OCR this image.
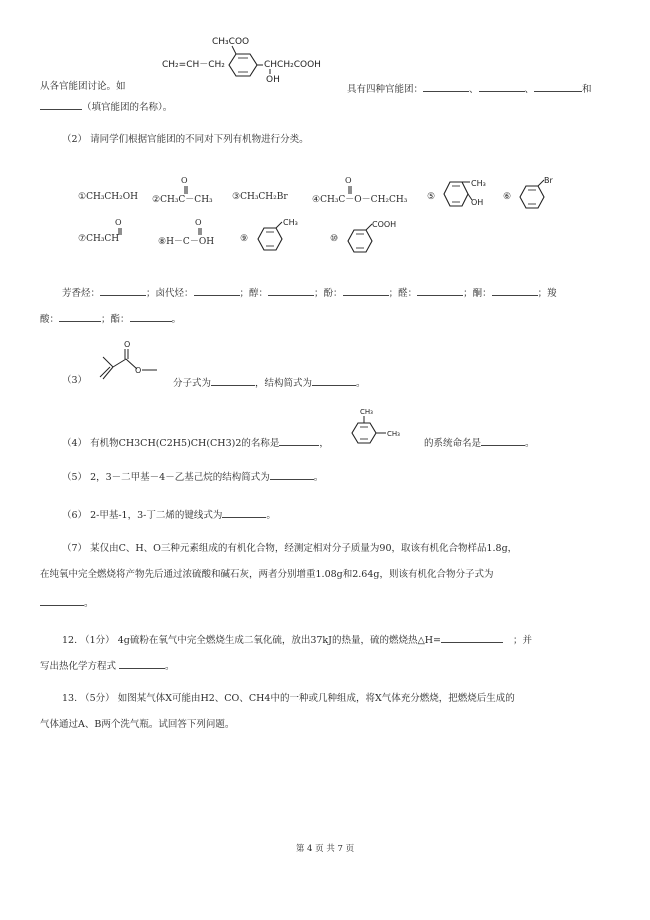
CH₃COO
CH₂=CH－CH₂	CHCH₂COOH
OH
从各官能团讨论。如	具有四种官能团：	、	、	和
（填官能团的名称）。
（2） 请同学们根据官能团的不同对下列有机物进行分类。
①CH₃CH₂OH ②CH₃C－CH₃
O
③CH₃CH₂Br	④CH₃C－O－CH₂CH₃
O
⑤
CH₃
OH
⑥
Br
⑦CH₃CH
O
⑧H－C－OH
O
⑨
CH₃
⑩
COOH
芳香烃：	；卤代烃：	；醇：	；酚：	；醛：	；酮：	；羧
酸：	；酯：	。
（3）
O
O
分子式为	，结构简式为	。
（4） 有机物CH3CH(C2H5)CH(CH3)2的名称是	，
CH₃
CH₃
的系统命名是	。
（5） 2，3－二甲基－4－乙基己烷的结构简式为	。
（6） 2-甲基-1，3-丁二烯的键线式为	。
（7） 某仅由C、H、O三种元素组成的有机化合物，经测定相对分子质量为90，取该有机化合物样品1.8g，
在纯氧中完全燃烧将产物先后通过浓硫酸和碱石灰，两者分别增重1.08g和2.64g，则该有机化合物分子式为
。
12. （1分） 4g硫粉在氧气中完全燃烧生成二氧化硫，放出37kJ的热量，硫的燃烧热△H=	；并
写出热化学方程式	。
13. （5分） 如图某气体X可能由H2、CO、CH4中的一种或几种组成，将X气体充分燃烧，把燃烧后生成的
气体通过A、B两个洗气瓶。试回答下列问题。
第 4 页 共 7 页
